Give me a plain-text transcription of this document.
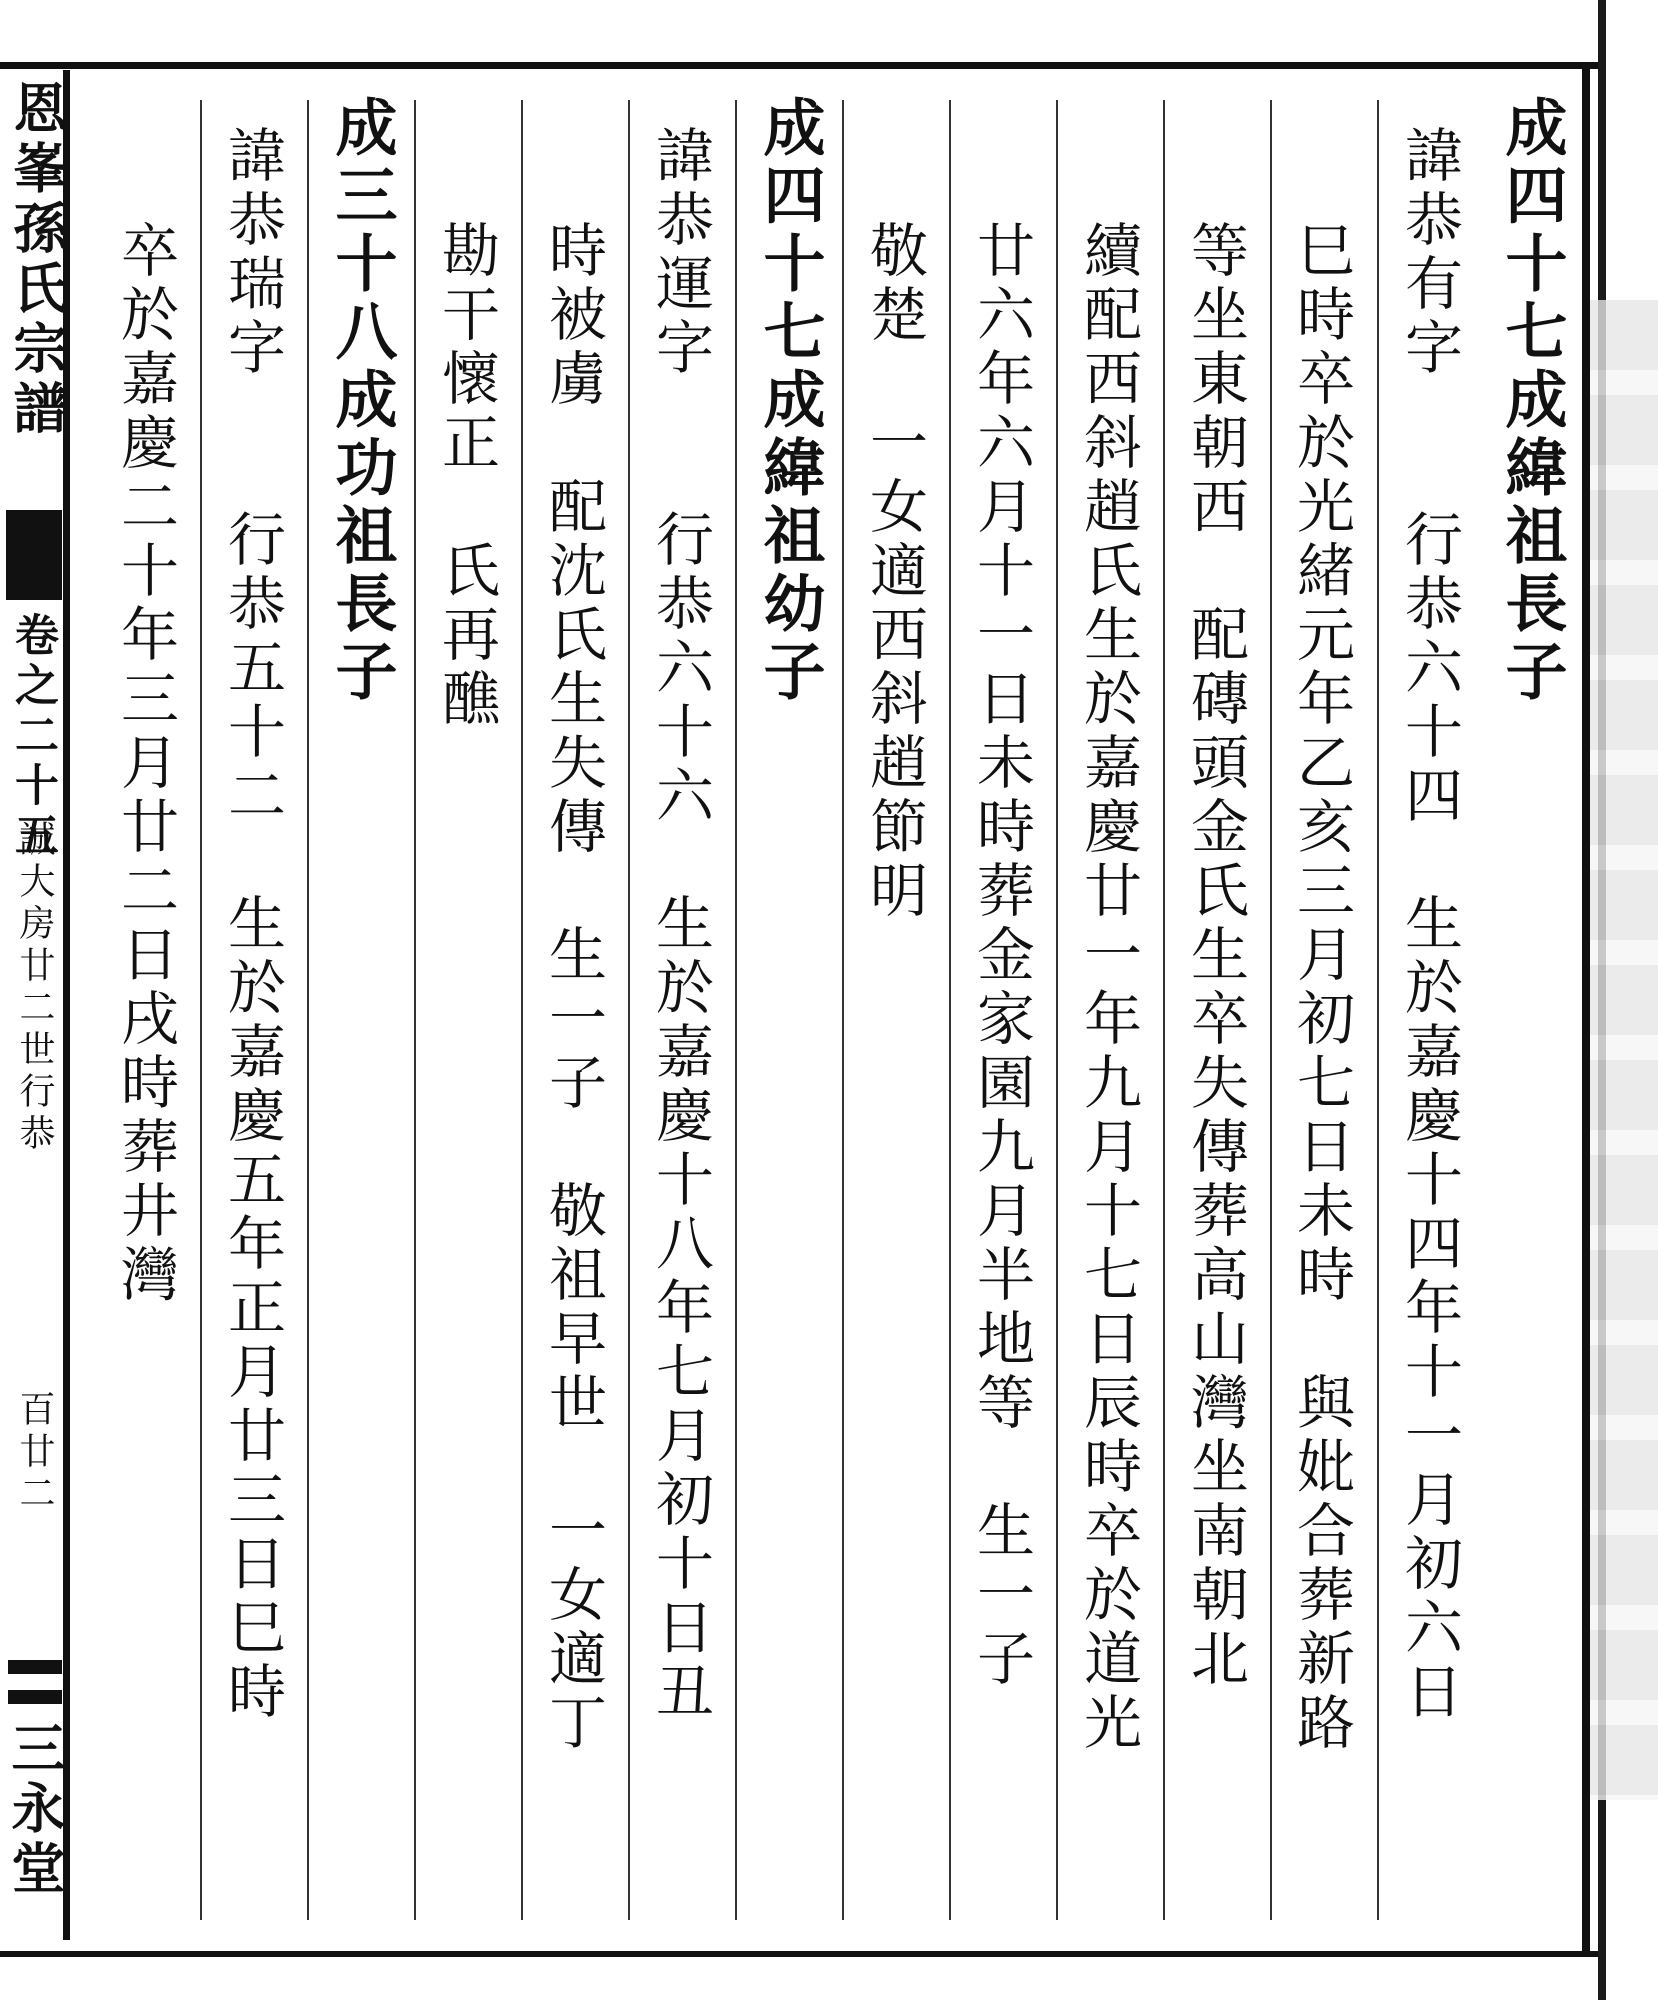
恩峯孫氏宗譜
卷之二十五
誠大房廿二世行恭
百廿二
三永堂
成四十七成緯祖長子
諱恭有字　　行恭六十四　生於嘉慶十四年十一月初六日
巳時卒於光緒元年乙亥三月初七日未時　與妣合葬新路
等坐東朝西　配磚頭金氏生卒失傳葬高山灣坐南朝北
續配西斜趙氏生於嘉慶廿一年九月十七日辰時卒於道光
廿六年六月十一日未時葬金家園九月半地等　生一子
敬楚　一女適西斜趙節明
成四十七成緯祖幼子
諱恭運字　　行恭六十六　生於嘉慶十八年七月初十日丑
時被虜　配沈氏生失傳　生一子　敬祖早世　一女適丁
勘干懷正　氏再醮
成三十八成功祖長子
諱恭瑞字　　行恭五十二　生於嘉慶五年正月廿三日巳時
卒於嘉慶二十年三月廿二日戌時葬井灣
